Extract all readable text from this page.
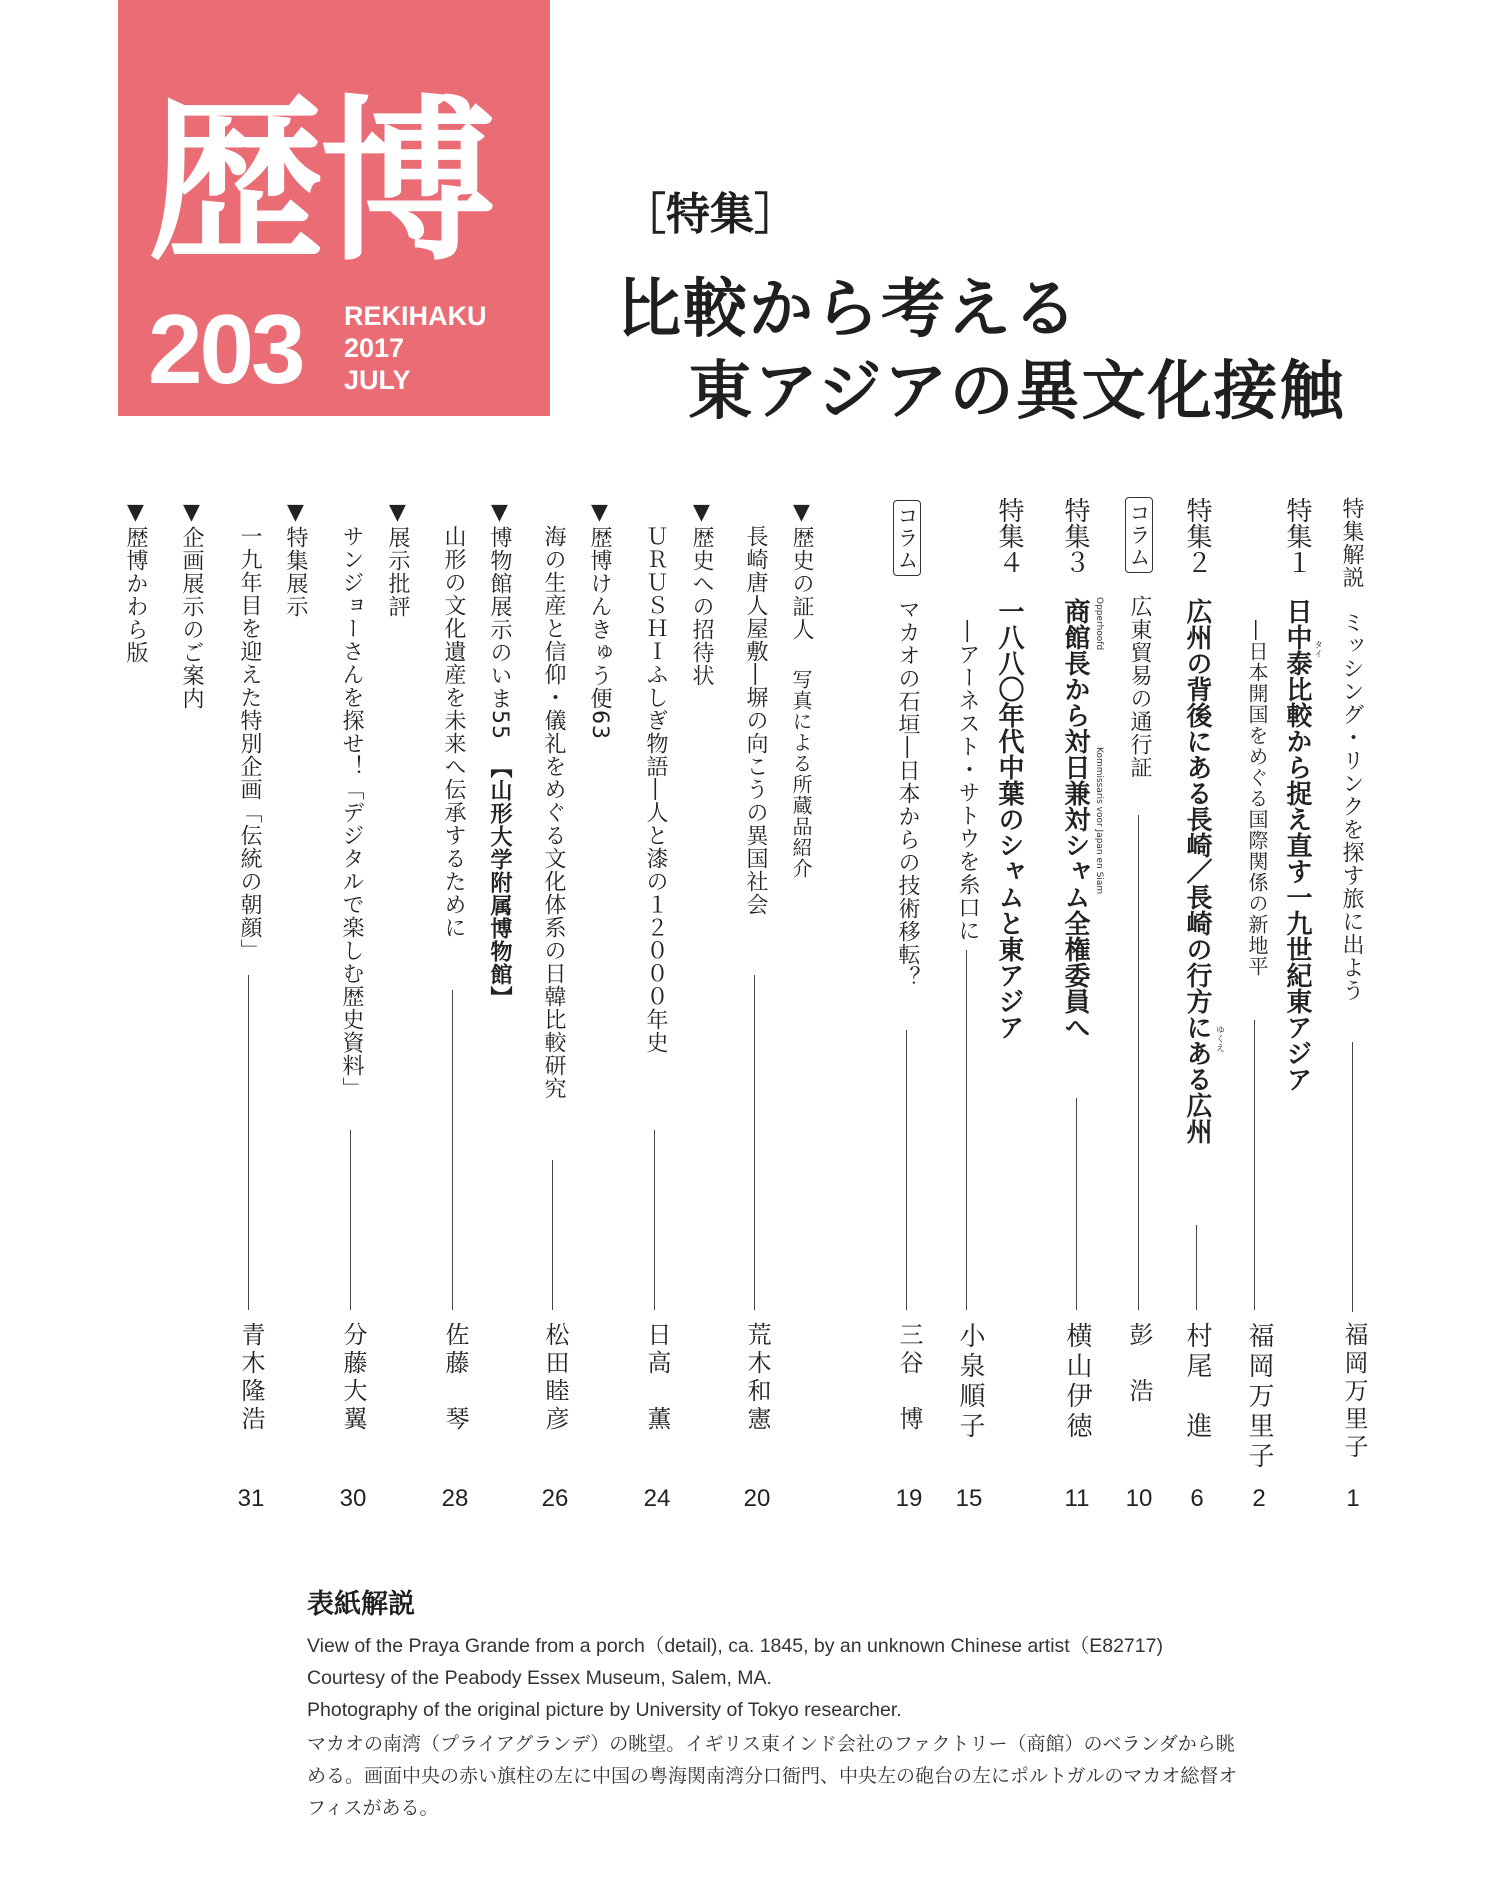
歴博
203 REKIHAKU
2017
JULY
［特集］
比較から考える
東アジアの異文化接触
特集解説 ミッシング・リンクを探す旅に出よう
福岡万里子
1
特集１ 日中泰比較から捉え直す一九世紀東アジア タイ
―日本開国をめぐる国際関係の新地平
福岡万里子
2
特集２ 広州の背後にある長崎／長崎の行方にある広州 ゆくえ
村尾　進
6
コラム 広東貿易の通行証
彭　浩
10
特集３ 商館長から対日兼対シャム全権委員へ Opperhoofd
Kommissaris voor Japan en Siam
横山伊徳
11
特集４ 一八八〇年代中葉のシャムと東アジア
―アーネスト・サトウを糸口に
小泉順子
15
コラム マカオの石垣―日本からの技術移転？
三谷　博
19
▼歴史の証人 写真による所蔵品紹介
長崎唐人屋敷―塀の向こうの異国社会
荒木和憲
20
▼歴史への招待状
ＵＲＵＳＨＩふしぎ物語―人と漆の１２０００年史
日高　薫
24
▼歴博けんきゅう便63
海の生産と信仰・儀礼をめぐる文化体系の日韓比較研究
松田睦彦
26
▼博物館展示のいま55 【山形大学附属博物館】
山形の文化遺産を未来へ伝承するために
佐藤　琴
28
▼展示批評
サンジョーさんを探せ！「デジタルで楽しむ歴史資料」
分藤大翼
30
▼特集展示
一九年目を迎えた特別企画「伝統の朝顔」
青木隆浩
31
▼企画展示のご案内
▼歴博かわら版
表紙解説
View of the Praya Grande from a porch（detail), ca. 1845, by an unknown Chinese artist（E82717)
Courtesy of the Peabody Essex Museum, Salem, MA.
Photography of the original picture by University of Tokyo researcher.
マカオの南湾（プライアグランデ）の眺望。イギリス東インド会社のファクトリー（商館）のベランダから眺
める。画面中央の赤い旗柱の左に中国の粤海関南湾分口衙門、中央左の砲台の左にポルトガルのマカオ総督オ
フィスがある。
